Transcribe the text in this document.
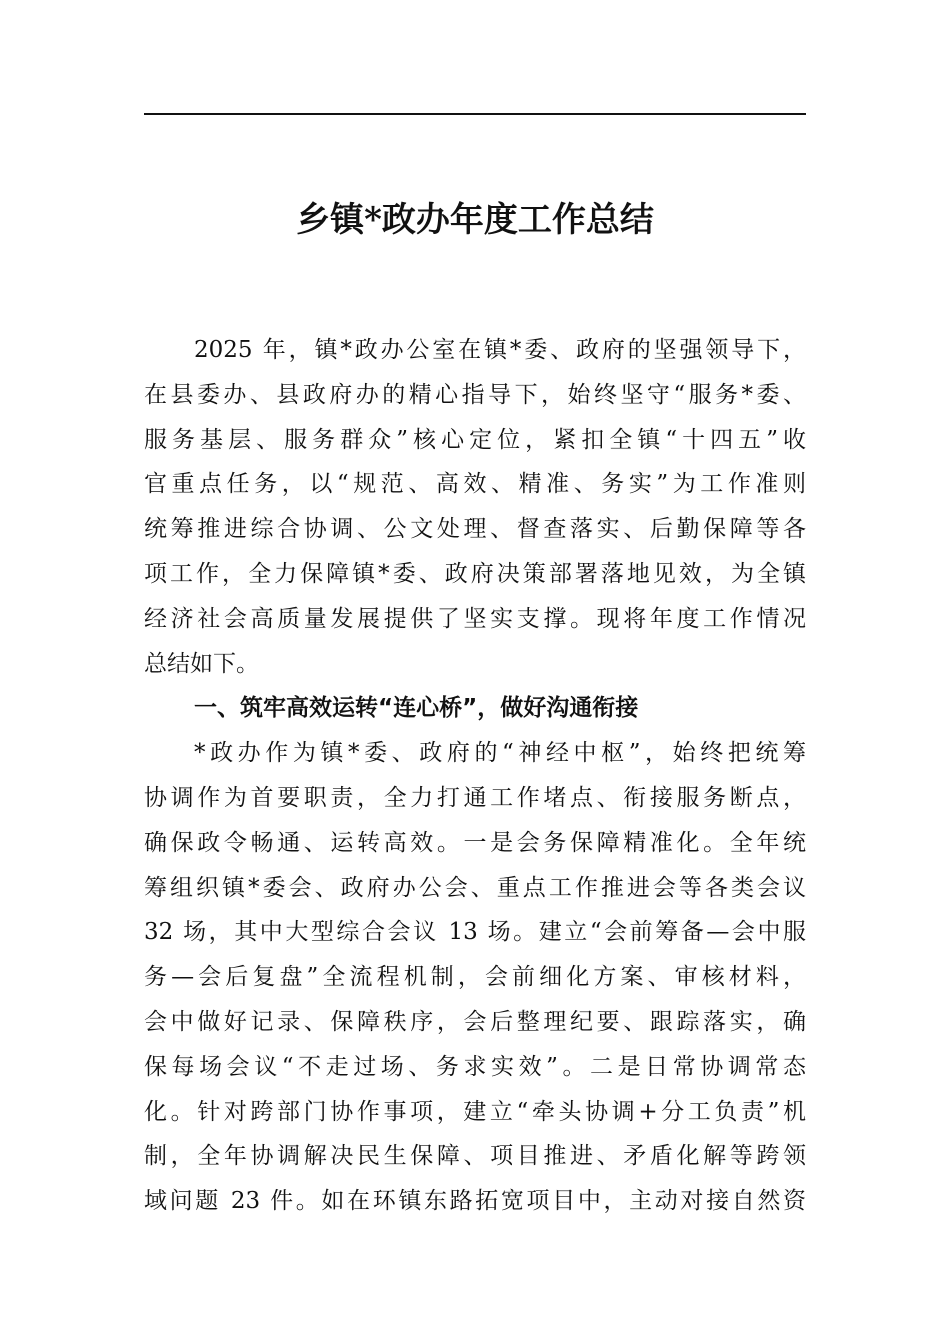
乡镇*政办年度工作总结
2025 年，镇*政办公室在镇*委、政府的坚强领导下，
在县委办、县政府办的精心指导下，始终坚守“服务*委、
服务基层、服务群众”核心定位，紧扣全镇“十四五”收
官重点任务，以“规范、高效、精准、务实”为工作准则
统筹推进综合协调、公文处理、督查落实、后勤保障等各
项工作，全力保障镇*委、政府决策部署落地见效，为全镇
经济社会高质量发展提供了坚实支撑。现将年度工作情况
总结如下。
一、筑牢高效运转“连心桥”，做好沟通衔接
*政办作为镇*委、政府的“神经中枢”，始终把统筹
协调作为首要职责，全力打通工作堵点、衔接服务断点，
确保政令畅通、运转高效。一是会务保障精准化。全年统
筹组织镇*委会、政府办公会、重点工作推进会等各类会议
32 场，其中大型综合会议 13 场。建立“会前筹备—会中服
务—会后复盘”全流程机制，会前细化方案、审核材料，
会中做好记录、保障秩序，会后整理纪要、跟踪落实，确
保每场会议“不走过场、务求实效”。二是日常协调常态
化。针对跨部门协作事项，建立“牵头协调+分工负责”机
制，全年协调解决民生保障、项目推进、矛盾化解等跨领
域问题 23 件。如在环镇东路拓宽项目中，主动对接自然资
